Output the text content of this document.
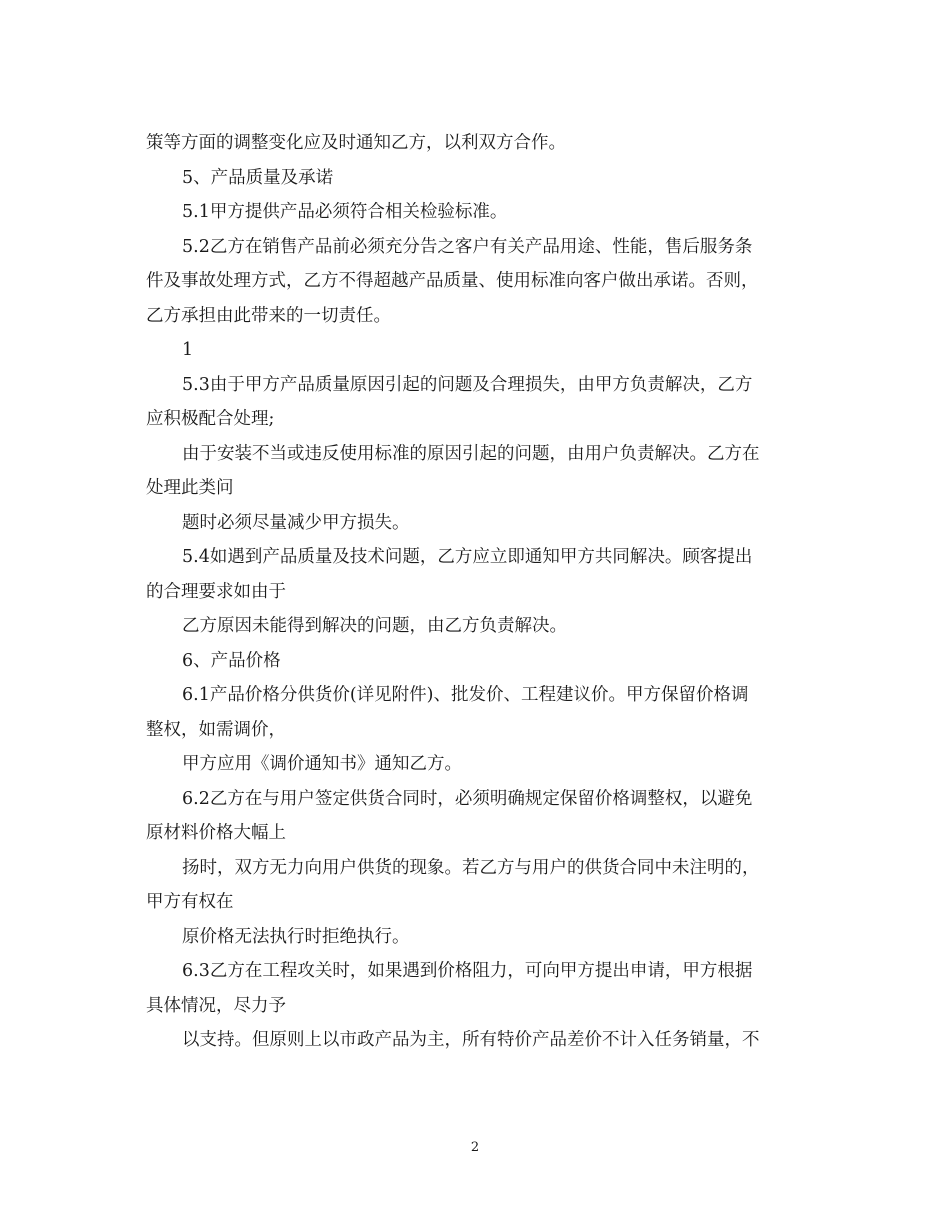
策等方面的调整变化应及时通知乙方，以利双方合作。
5、产品质量及承诺
5.1甲方提供产品必须符合相关检验标准。
5.2乙方在销售产品前必须充分告之客户有关产品用途、性能，售后服务条
件及事故处理方式，乙方不得超越产品质量、使用标准向客户做出承诺。否则，
乙方承担由此带来的一切责任。
1
5.3由于甲方产品质量原因引起的问题及合理损失，由甲方负责解决，乙方
应积极配合处理;
由于安装不当或违反使用标准的原因引起的问题，由用户负责解决。乙方在
处理此类问
题时必须尽量减少甲方损失。
5.4如遇到产品质量及技术问题，乙方应立即通知甲方共同解决。顾客提出
的合理要求如由于
乙方原因未能得到解决的问题，由乙方负责解决。
6、产品价格
6.1产品价格分供货价(详见附件)、批发价、工程建议价。甲方保留价格调
整权，如需调价，
甲方应用《调价通知书》通知乙方。
6.2乙方在与用户签定供货合同时，必须明确规定保留价格调整权，以避免
原材料价格大幅上
扬时，双方无力向用户供货的现象。若乙方与用户的供货合同中未注明的，
甲方有权在
原价格无法执行时拒绝执行。
6.3乙方在工程攻关时，如果遇到价格阻力，可向甲方提出申请，甲方根据
具体情况，尽力予
以支持。但原则上以市政产品为主，所有特价产品差价不计入任务销量，不
2
